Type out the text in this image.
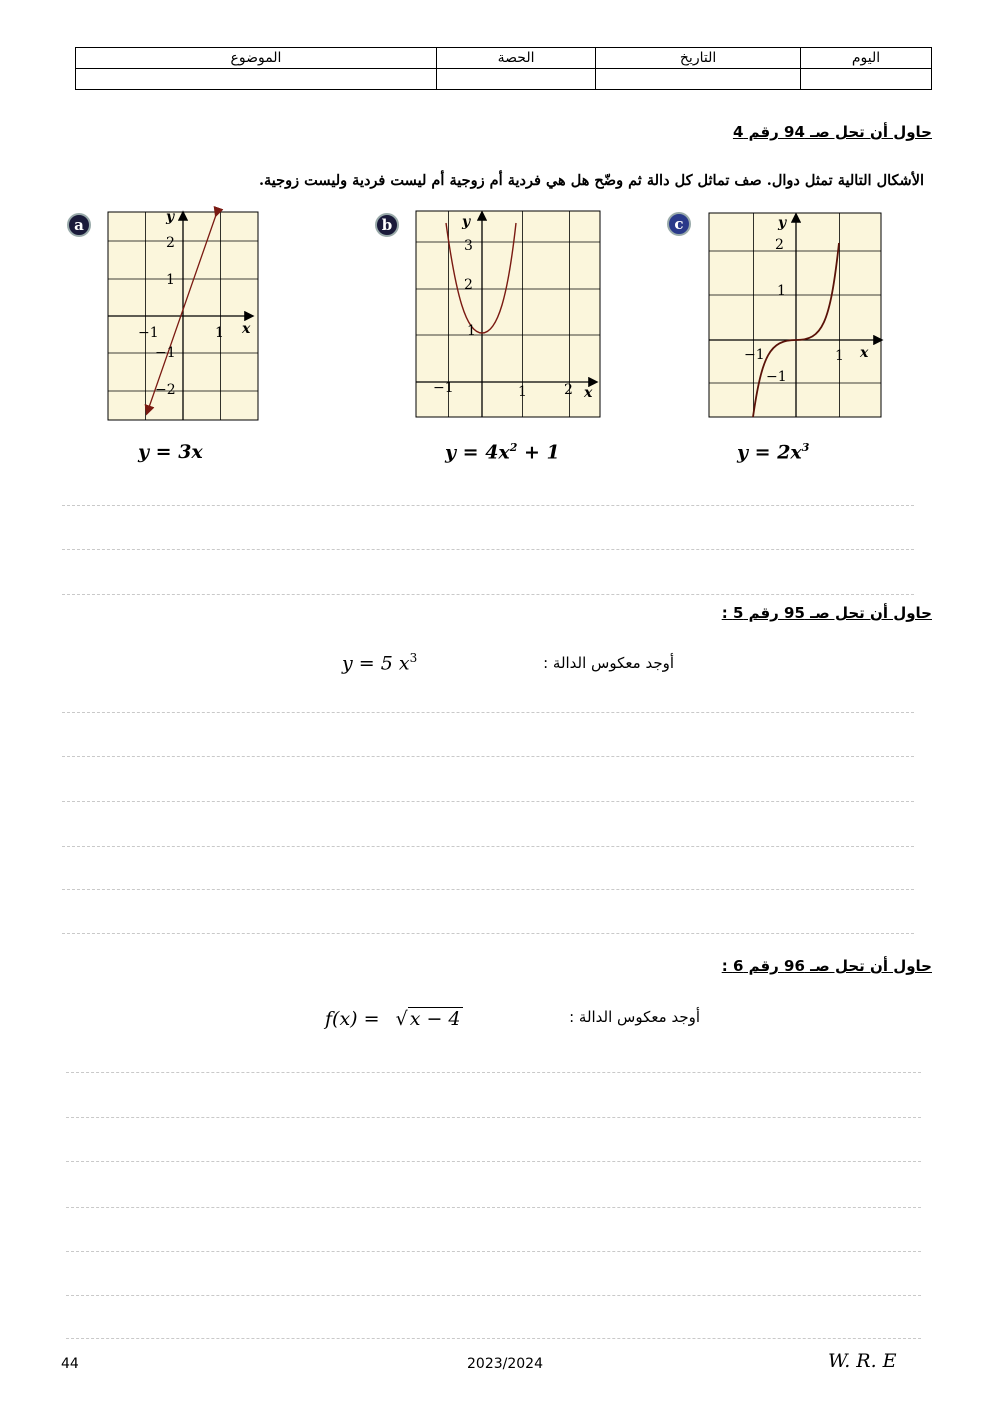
الموضوع	الحصة	التاريخ	اليوم

حاول أن تحل صـ 94 رقم 4
الأشكال التالية تمثل دوال. صف تماثل كل دالة ثم وضّح هل هي فردية أم زوجية أم ليست فردية وليست زوجية.
a	y
x
−1	1
2
1
−1
−2
y = 3x
b	y
x
−1	1	2
3
2
1
$y = 4x^2 + 1$
c	y
x
−1	1
2
1
−1
$y = 2x^3$
حاول أن تحل صـ 95 رقم 5 :
أوجد معكوس الدالة :
y = 5 $x^3$
حاول أن تحل صـ 96 رقم 6 :
أوجد معكوس الدالة :
f(x) = √ x − 4
44	2023/2024	W. R. E
